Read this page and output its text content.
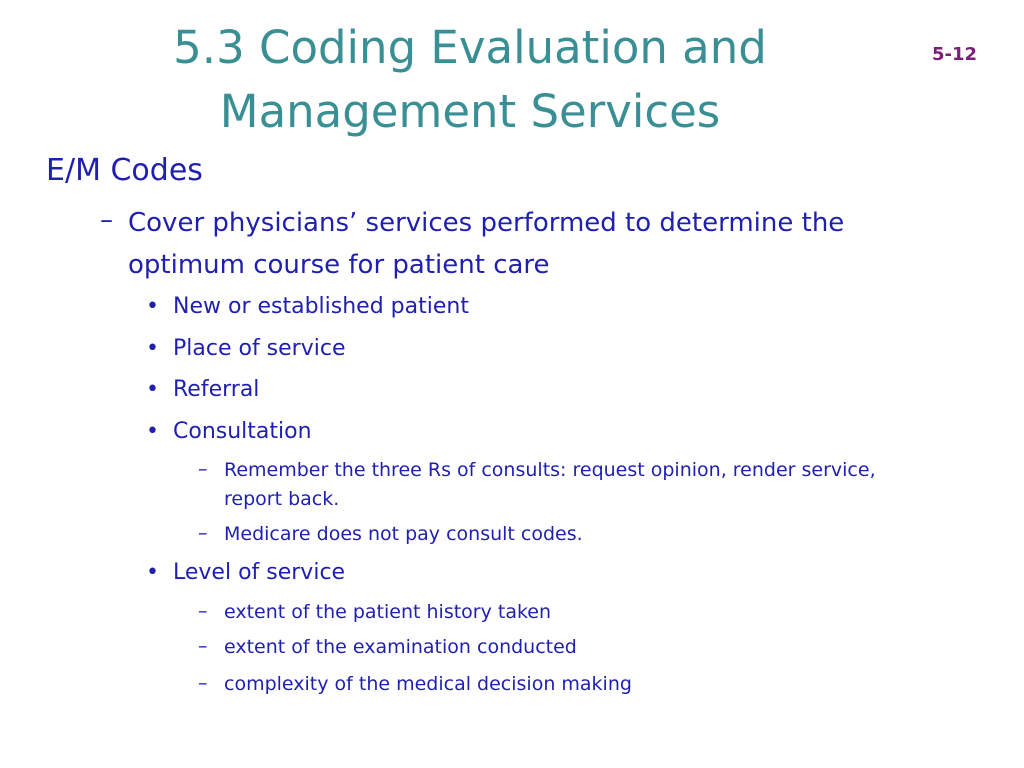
5.3 Coding Evaluation and
Management Services
5-12
E/M Codes
– Cover physicians’ services performed to determine the
optimum course for patient care
• New or established patient
• Place of service
• Referral
• Consultation
– Remember the three Rs of consults: request opinion, render service,
report back.
– Medicare does not pay consult codes.
• Level of service
– extent of the patient history taken
– extent of the examination conducted
– complexity of the medical decision making
